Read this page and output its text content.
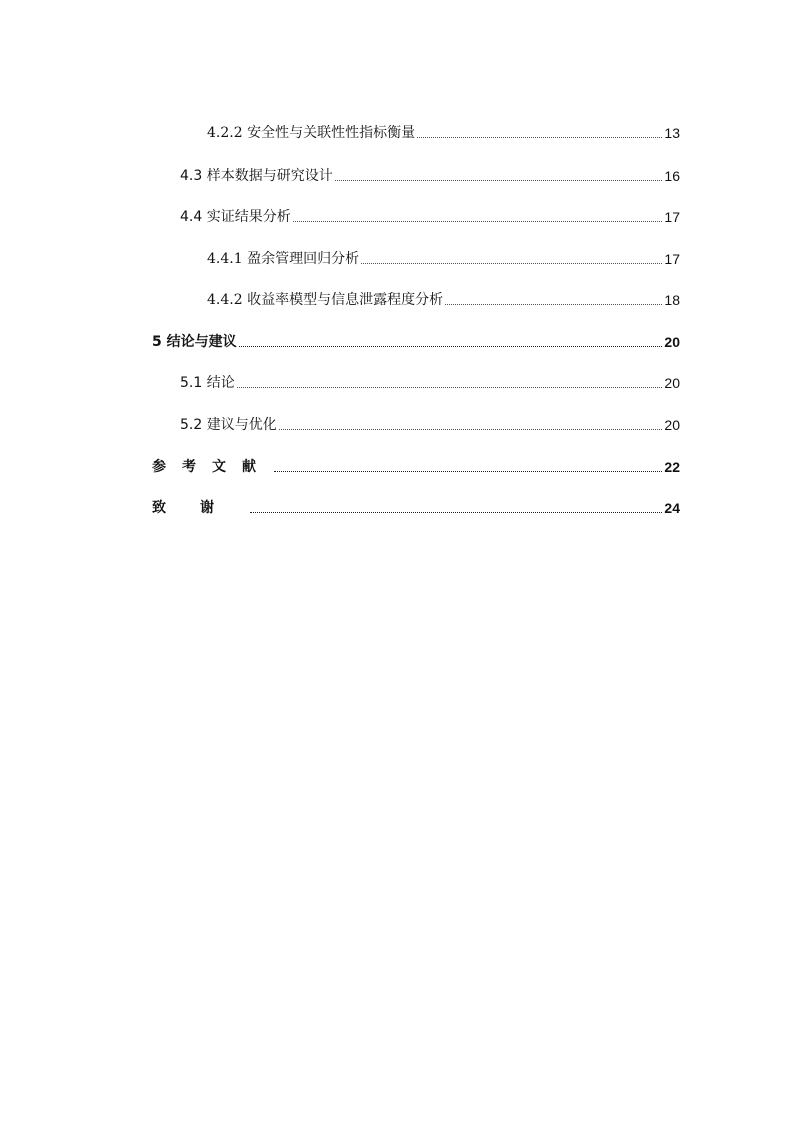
4.2.2 安全性与关联性性指标衡量	13
4.3 样本数据与研究设计	16
4.4 实证结果分析	17
4.4.1 盈余管理回归分析	17
4.4.2 收益率模型与信息泄露程度分析	18
5 结论与建议	20
5.1 结论	20
5.2 建议与优化	20
参考文献	22
致谢	24
